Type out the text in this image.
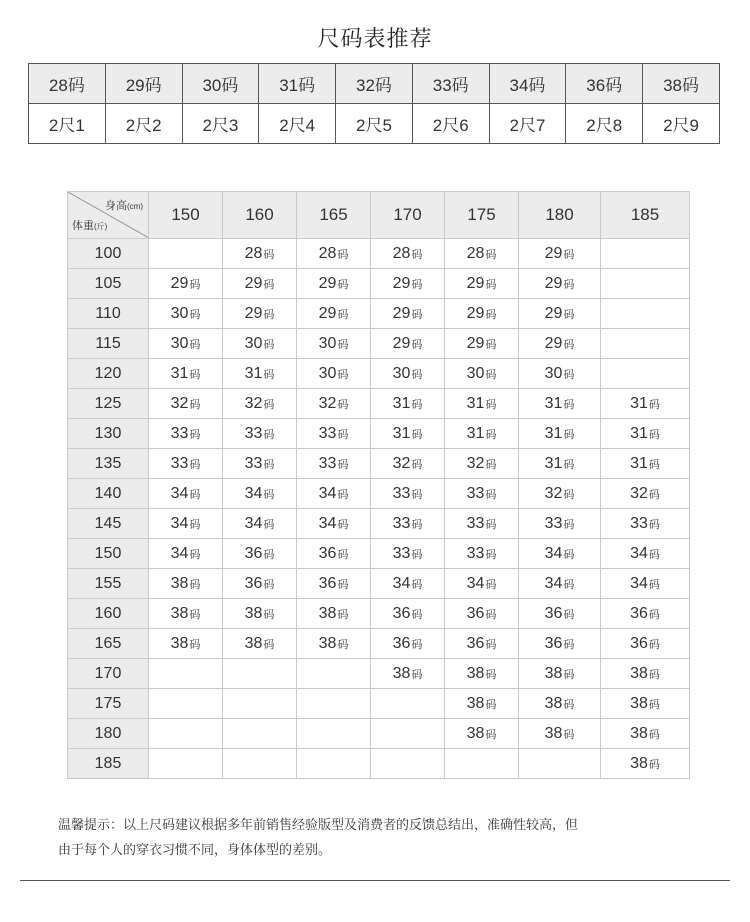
尺码表推荐
28码	29码	30码	31码	32码	33码	34码	36码	38码
2尺1	2尺2	2尺3	2尺4	2尺5	2尺6	2尺7	2尺8	2尺9
身高(cm)
体重(斤)	150	160	165	170	175	180	185
100		28码	28码	28码	28码	29码	
105	29码	29码	29码	29码	29码	29码	
110	30码	29码	29码	29码	29码	29码	
115	30码	30码	30码	29码	29码	29码	
120	31码	31码	30码	30码	30码	30码	
125	32码	32码	32码	31码	31码	31码	31码
130	33码	33码	33码	31码	31码	31码	31码
135	33码	33码	33码	32码	32码	31码	31码
140	34码	34码	34码	33码	33码	32码	32码
145	34码	34码	34码	33码	33码	33码	33码
150	34码	36码	36码	33码	33码	34码	34码
155	38码	36码	36码	34码	34码	34码	34码
160	38码	38码	38码	36码	36码	36码	36码
165	38码	38码	38码	36码	36码	36码	36码
170				38码	38码	38码	38码
175					38码	38码	38码
180					38码	38码	38码
185							38码
温馨提示：以上尺码建议根据多年前销售经验版型及消费者的反馈总结出，准确性较高，但
由于每个人的穿衣习惯不同，身体体型的差别。
